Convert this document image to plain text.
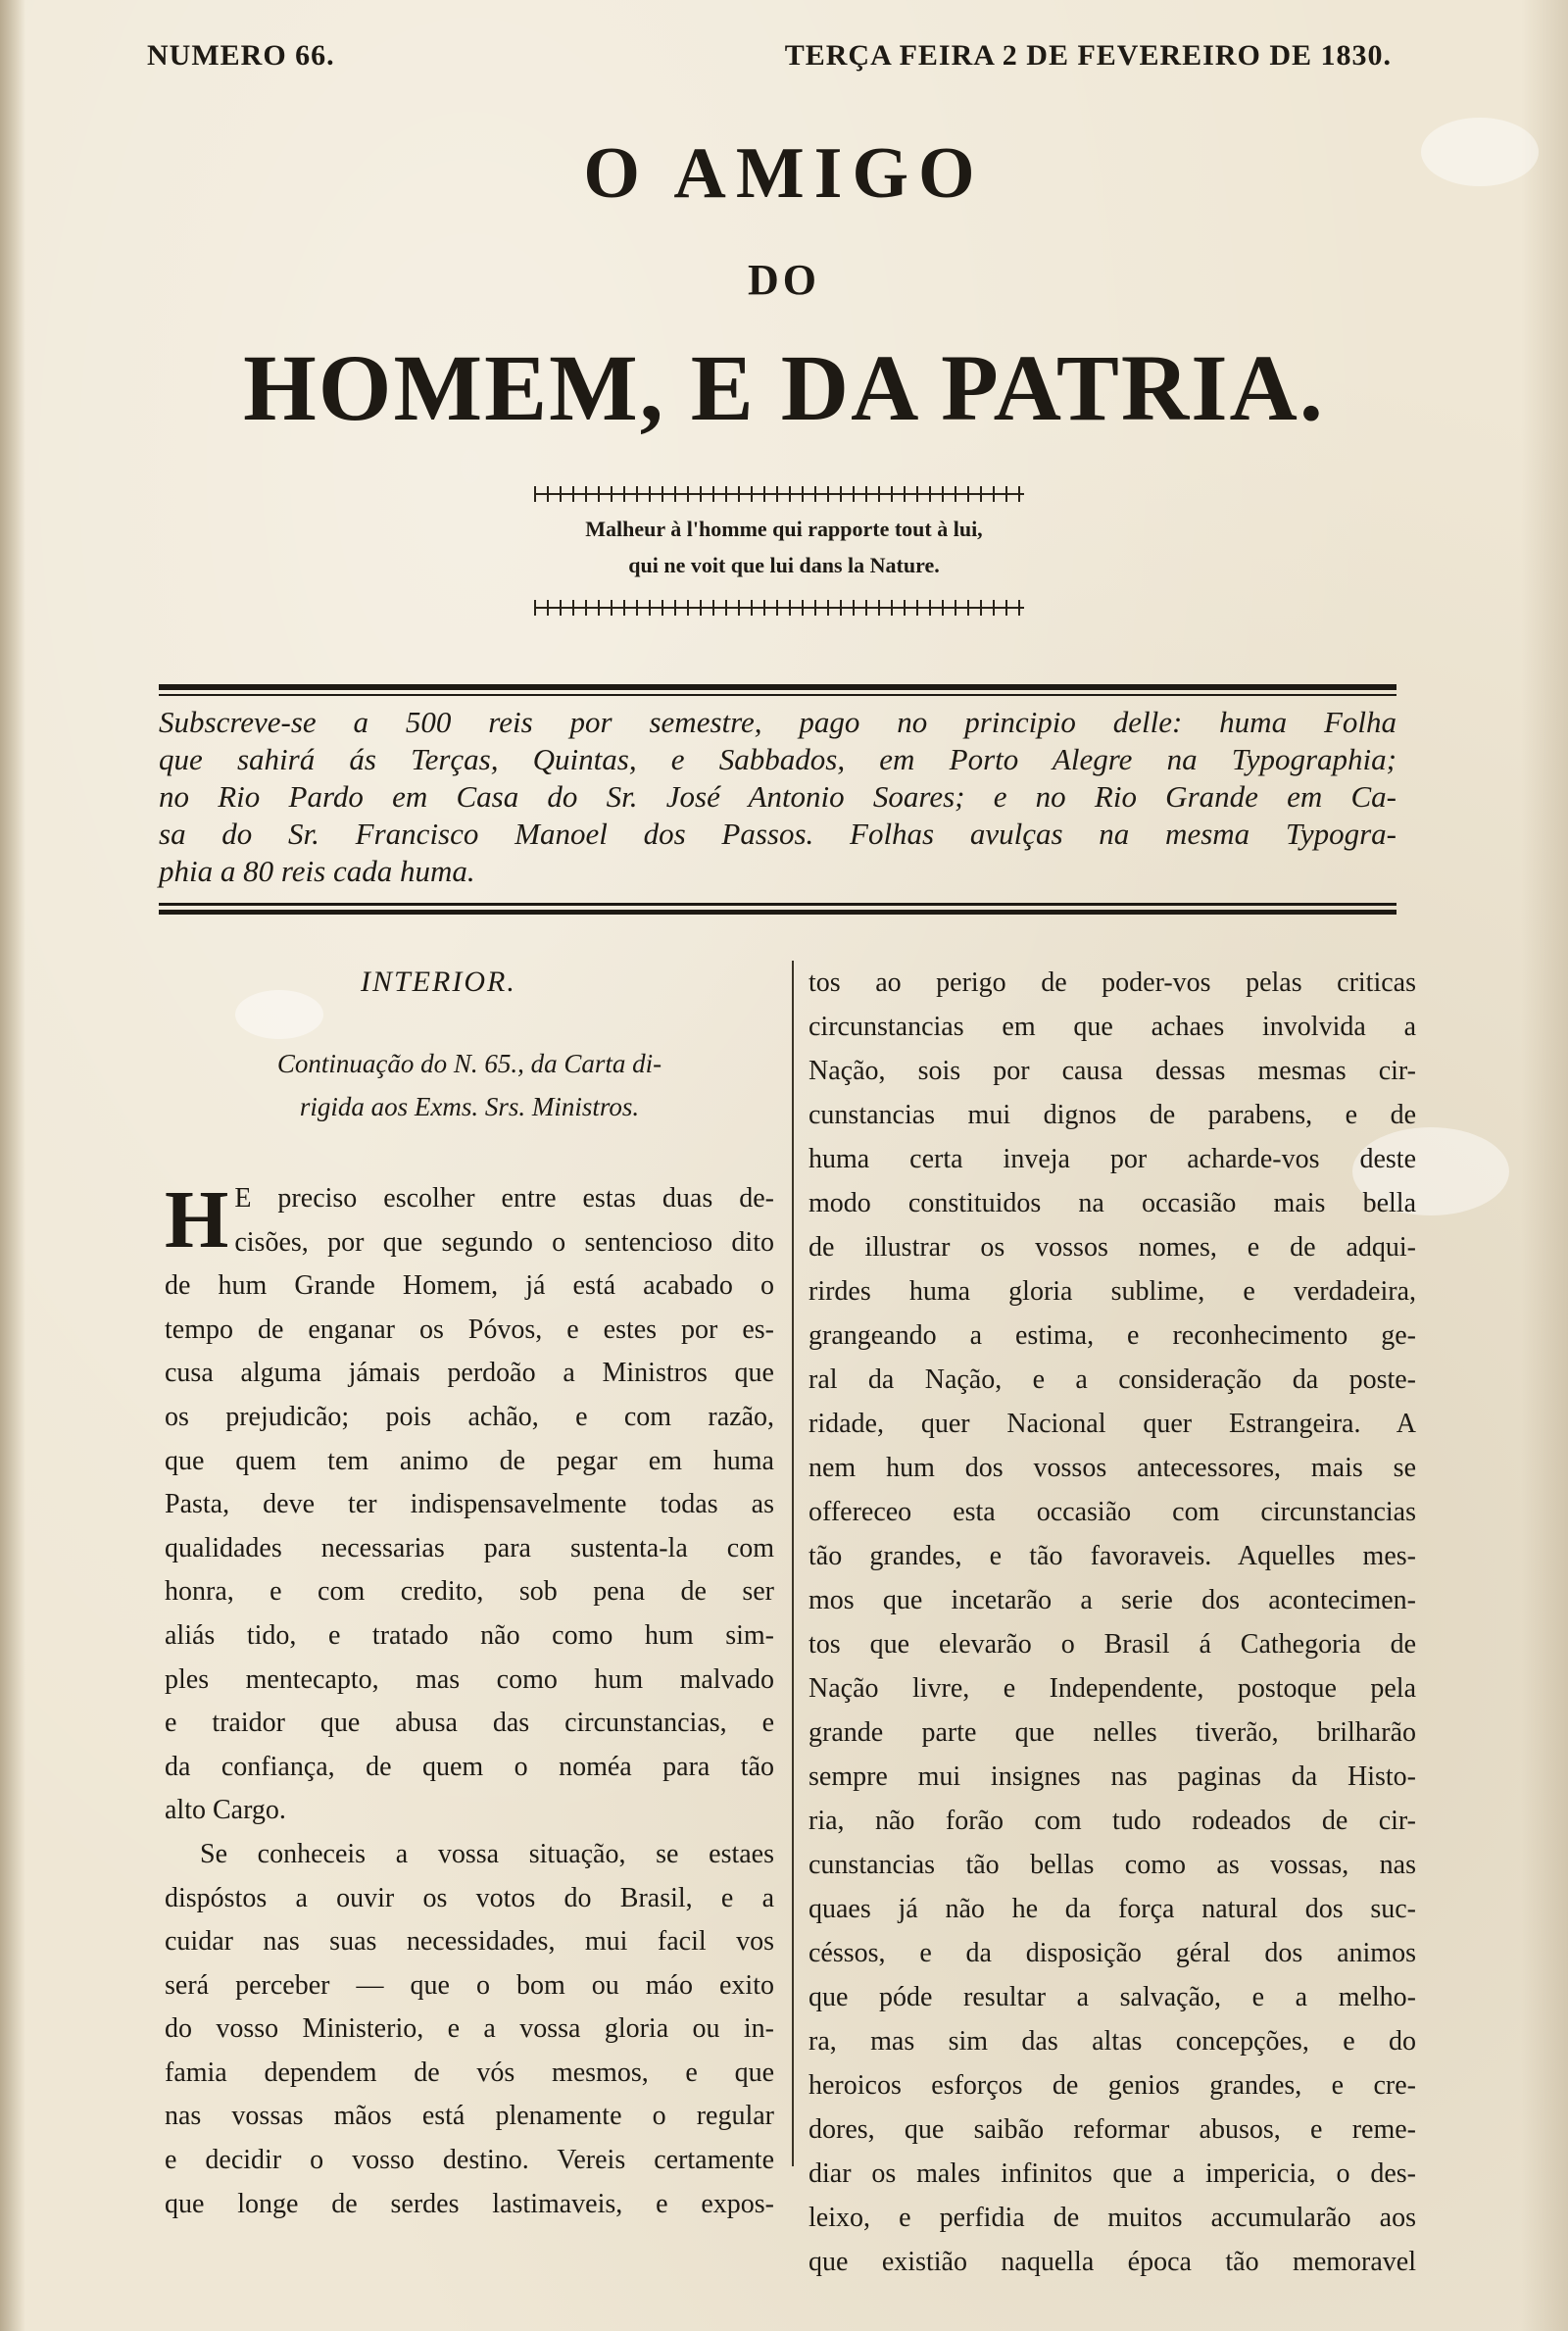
NUMERO 66.	TERÇA FEIRA 2 DE FEVEREIRO DE 1830.
O AMIGO
DO
HOMEM, E DA PATRIA.
Malheur à l'homme qui rapporte tout à lui,
qui ne voit que lui dans la Nature.
Subscreve-se a 500 reis por semestre, pago no principio delle: huma Folha
que sahirá ás Terças, Quintas, e Sabbados, em Porto Alegre na Typographia;
no Rio Pardo em Casa do Sr. José Antonio Soares; e no Rio Grande em Ca-
sa do Sr. Francisco Manoel dos Passos. Folhas avulças na mesma Typogra-
phia a 80 reis cada huma.
INTERIOR.
Continuação do N. 65., da Carta di-
rigida aos Exms. Srs. Ministros.
H E preciso escolher entre estas duas de-
cisões, por que segundo o sentencioso dito
de hum Grande Homem, já está acabado o
tempo de enganar os Póvos, e estes por es-
cusa alguma jámais perdoão a Ministros que
os prejudicão; pois achão, e com razão,
que quem tem animo de pegar em huma
Pasta, deve ter indispensavelmente todas as
qualidades necessarias para sustenta-la com
honra, e com credito, sob pena de ser
aliás tido, e tratado não como hum sim-
ples mentecapto, mas como hum malvado
e traidor que abusa das circunstancias, e
da confiança, de quem o noméa para tão
alto Cargo.
Se conheceis a vossa situação, se estaes
dispóstos a ouvir os votos do Brasil, e a
cuidar nas suas necessidades, mui facil vos
será perceber — que o bom ou máo exito
do vosso Ministerio, e a vossa gloria ou in-
famia dependem de vós mesmos, e que
nas vossas mãos está plenamente o regular
e decidir o vosso destino. Vereis certamente
que longe de serdes lastimaveis, e expos-
tos ao perigo de poder-vos pelas criticas
circunstancias em que achaes involvida a
Nação, sois por causa dessas mesmas cir-
cunstancias mui dignos de parabens, e de
huma certa inveja por acharde-vos deste
modo constituidos na occasião mais bella
de illustrar os vossos nomes, e de adqui-
rirdes huma gloria sublime, e verdadeira,
grangeando a estima, e reconhecimento ge-
ral da Nação, e a consideração da poste-
ridade, quer Nacional quer Estrangeira. A
nem hum dos vossos antecessores, mais se
offereceo esta occasião com circunstancias
tão grandes, e tão favoraveis. Aquelles mes-
mos que incetarão a serie dos acontecimen-
tos que elevarão o Brasil á Cathegoria de
Nação livre, e Independente, postoque pela
grande parte que nelles tiverão, brilharão
sempre mui insignes nas paginas da Histo-
ria, não forão com tudo rodeados de cir-
cunstancias tão bellas como as vossas, nas
quaes já não he da força natural dos suc-
céssos, e da disposição géral dos animos
que póde resultar a salvação, e a melho-
ra, mas sim das altas concepções, e do
heroicos esforços de genios grandes, e cre-
dores, que saibão reformar abusos, e reme-
diar os males infinitos que a impericia, o des-
leixo, e perfidia de muitos accumularão aos
que existião naquella época tão memoravel
